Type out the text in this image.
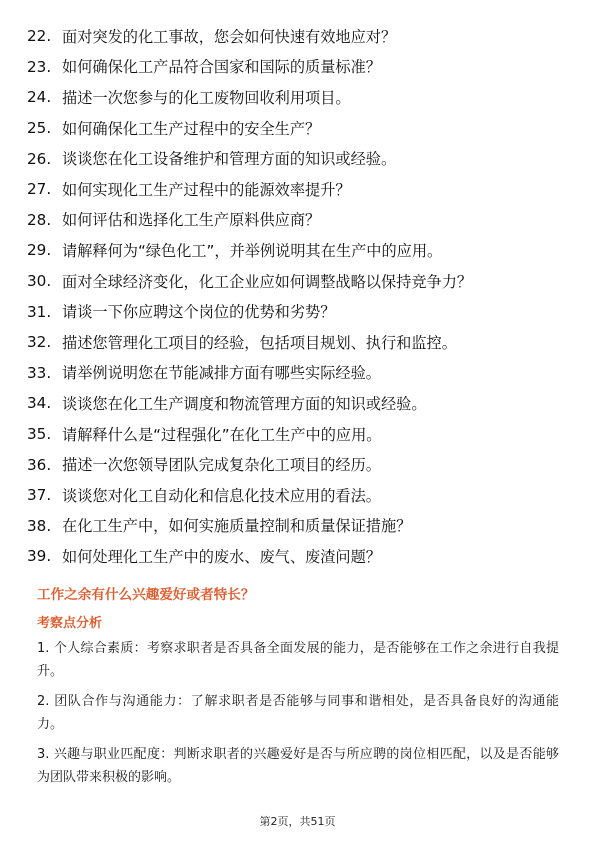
22. 面对突发的化工事故，您会如何快速有效地应对？
23. 如何确保化工产品符合国家和国际的质量标准？
24. 描述一次您参与的化工废物回收利用项目。
25. 如何确保化工生产过程中的安全生产？
26. 谈谈您在化工设备维护和管理方面的知识或经验。
27. 如何实现化工生产过程中的能源效率提升？
28. 如何评估和选择化工生产原料供应商？
29. 请解释何为“绿色化工”，并举例说明其在生产中的应用。
30. 面对全球经济变化，化工企业应如何调整战略以保持竞争力？
31. 请谈一下你应聘这个岗位的优势和劣势？
32. 描述您管理化工项目的经验，包括项目规划、执行和监控。
33. 请举例说明您在节能减排方面有哪些实际经验。
34. 谈谈您在化工生产调度和物流管理方面的知识或经验。
35. 请解释什么是“过程强化”在化工生产中的应用。
36. 描述一次您领导团队完成复杂化工项目的经历。
37. 谈谈您对化工自动化和信息化技术应用的看法。
38. 在化工生产中，如何实施质量控制和质量保证措施？
39. 如何处理化工生产中的废水、废气、废渣问题？
工作之余有什么兴趣爱好或者特长？
考察点分析

1. 个人综合素质：考察求职者是否具备全面发展的能力，是否能够在工作之余进行自我提升。

2. 团队合作与沟通能力：了解求职者是否能够与同事和谐相处，是否具备良好的沟通能力。

3. 兴趣与职业匹配度：判断求职者的兴趣爱好是否与所应聘的岗位相匹配，以及是否能够为团队带来积极的影响。

第2页，共51页
